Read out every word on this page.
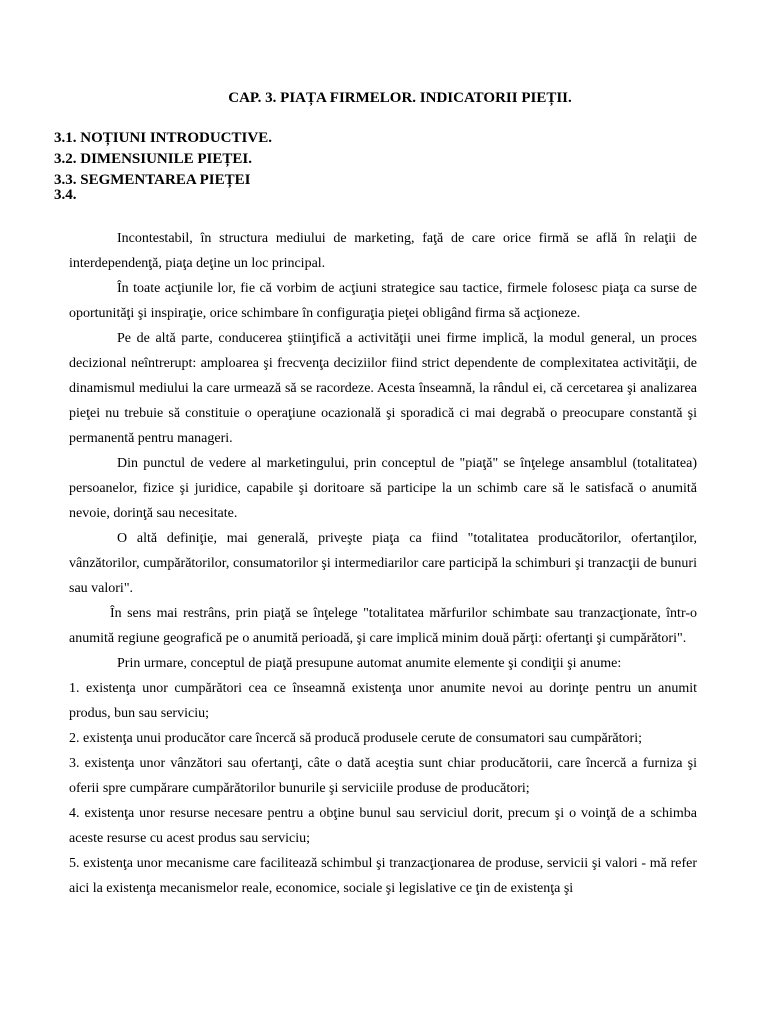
CAP. 3. PIAȚA FIRMELOR. INDICATORII PIEȚII.
3.1. NOȚIUNI INTRODUCTIVE.
3.2. DIMENSIUNILE PIEȚEI.
3.3. SEGMENTAREA PIEȚEI
3.4.

Incontestabil, în structura mediului de marketing, faţă de care orice firmă se află în relaţii de interdependenţă, piaţa deţine un loc principal.

În toate acţiunile lor, fie că vorbim de acţiuni strategice sau tactice, firmele folosesc piaţa ca surse de oportunităţi şi inspiraţie, orice schimbare în configuraţia pieţei obligând firma să acţioneze.

Pe de altă parte, conducerea ştiinţifică a activităţii unei firme implică, la modul general, un proces decizional neîntrerupt: amploarea şi frecvenţa deciziilor fiind strict dependente de complexitatea activităţii, de dinamismul mediului la care urmează să se racordeze. Acesta înseamnă, la rândul ei, că cercetarea şi analizarea pieţei nu trebuie să constituie o operaţiune ocazională şi sporadică ci mai degrabă o preocupare constantă şi permanentă pentru manageri.

Din punctul de vedere al marketingului, prin conceptul de "piaţă" se înţelege ansamblul (totalitatea) persoanelor, fizice şi juridice, capabile şi doritoare să participe la un schimb care să le satisfacă o anumită nevoie, dorinţă sau necesitate.

O altă definiţie, mai generală, priveşte piaţa ca fiind "totalitatea producătorilor, ofertanţilor, vânzătorilor, cumpărătorilor, consumatorilor şi intermediarilor care participă la schimburi şi tranzacţii de bunuri sau valori".

În sens mai restrâns, prin piaţă se înţelege "totalitatea mărfurilor schimbate sau tranzacţionate, într-o anumită regiune geografică pe o anumită perioadă, şi care implică minim două părţi: ofertanţi şi cumpărători".

Prin urmare, conceptul de piaţă presupune automat anumite elemente şi condiţii şi anume:

1. existenţa unor cumpărători cea ce înseamnă existenţa unor anumite nevoi au dorinţe pentru un anumit produs, bun sau serviciu;

2. existenţa unui producător care încercă să producă produsele cerute de consumatori sau cumpărători;

3. existenţa unor vânzători sau ofertanţi, câte o dată aceştia sunt chiar producătorii, care încercă a furniza şi oferii spre cumpărare cumpărătorilor bunurile şi serviciile produse de producători;

4. existenţa unor resurse necesare pentru a obţine bunul sau serviciul dorit, precum şi o voinţă de a schimba aceste resurse cu acest produs sau serviciu;

5. existenţa unor mecanisme care facilitează schimbul şi tranzacţionarea de produse, servicii şi valori - mă refer aici la existenţa mecanismelor reale, economice, sociale şi legislative ce ţin de existenţa şi
